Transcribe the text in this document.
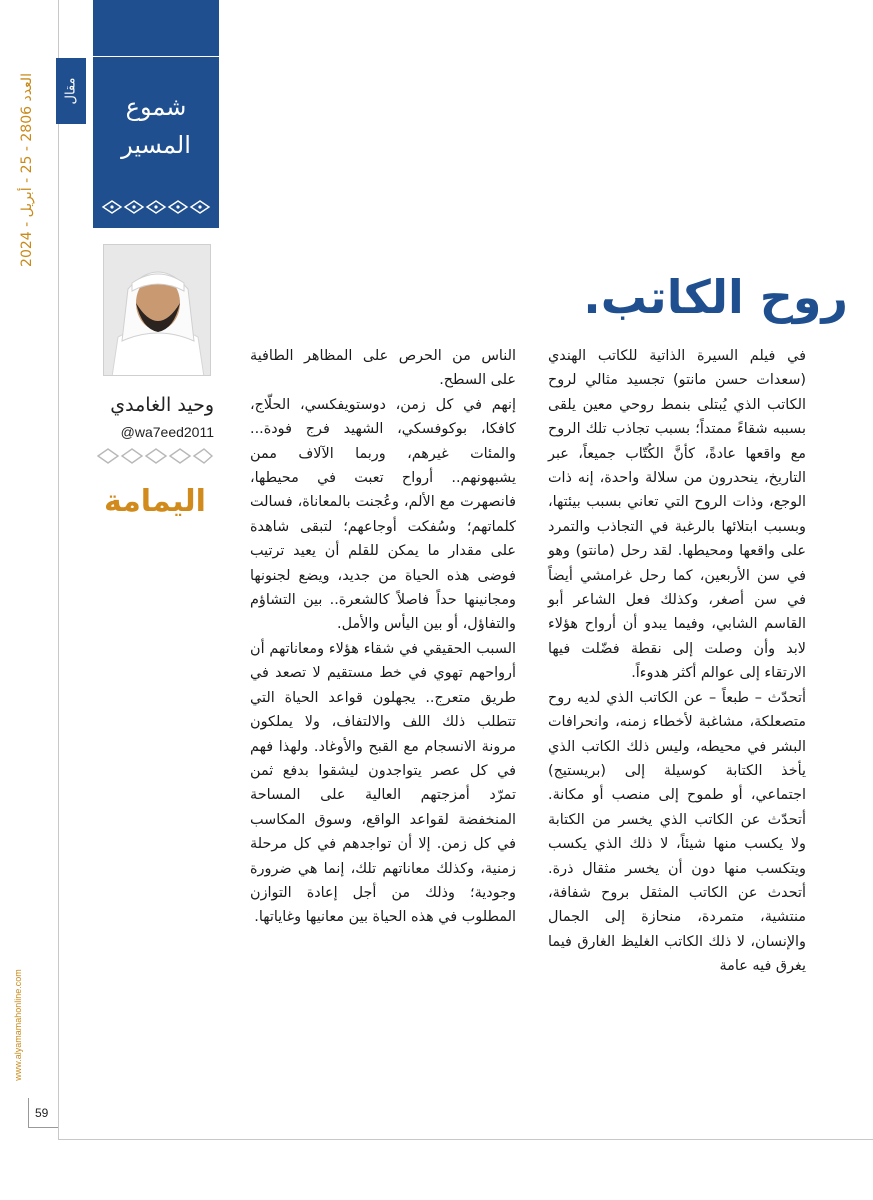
العدد 2806 - 25 - أبريل - 2024 مقال
www.alyamamahonline.com
59
شموع المسير
وحيد الغامدي
@wa7eed2011
اليمامة
روح الكاتب.

في فيلم السيرة الذاتية للكاتب الهندي (سعدات حسن مانتو) تجسيد مثالي لروح الكاتب الذي يُبتلى بنمط روحي معين يلقى بسببه شقاءً ممتداً؛ بسبب تجاذب تلك الروح مع واقعها عادةً، كأنَّ الكُتّاب جميعاً، عبر التاريخ، ينحدرون من سلالة واحدة، إنه ذات الوجع، وذات الروح التي تعاني بسبب بيئتها، وبسبب ابتلائها بالرغبة في التجاذب والتمرد على واقعها ومحيطها. لقد رحل (مانتو) وهو في سن الأربعين، كما رحل غرامشي أيضاً في سن أصغر، وكذلك فعل الشاعر أبو القاسم الشابي، وفيما يبدو أن أرواح هؤلاء لابد وأن وصلت إلى نقطة فضّلت فيها الارتقاء إلى عوالم أكثر هدوءاً.

أتحدّث – طبعاً – عن الكاتب الذي لديه روح متصعلكة، مشاغبة لأخطاء زمنه، وانحرافات البشر في محيطه، وليس ذلك الكاتب الذي يأخذ الكتابة كوسيلة إلى (بريستيج) اجتماعي، أو طموح إلى منصب أو مكانة. أتحدّث عن الكاتب الذي يخسر من الكتابة ولا يكسب منها شيئاً، لا ذلك الذي يكسب ويتكسب منها دون أن يخسر مثقال ذرة. أتحدث عن الكاتب المثقل بروح شفافة، منتشية، متمردة، منحازة إلى الجمال والإنسان، لا ذلك الكاتب الغليظ الغارق فيما يغرق فيه عامة

الناس من الحرص على المظاهر الطافية على السطح.

إنهم في كل زمن، دوستويفكسي، الحلّاج، كافكا، بوكوفسكي، الشهيد فرج فودة... والمئات غيرهم، وربما الآلاف ممن يشبهونهم.. أرواح تعبت في محيطها، فانصهرت مع الألم، وعُجنت بالمعاناة، فسالت كلماتهم؛ وسُفكت أوجاعهم؛ لتبقى شاهدة على مقدار ما يمكن للقلم أن يعيد ترتيب فوضى هذه الحياة من جديد، ويضع لجنونها ومجانينها حداً فاصلاً كالشعرة.. بين التشاؤم والتفاؤل، أو بين اليأس والأمل.

السبب الحقيقي في شقاء هؤلاء ومعاناتهم أن أرواحهم تهوي في خط مستقيم لا تصعد في طريق متعرج.. يجهلون قواعد الحياة التي تتطلب ذلك اللف والالتفاف، ولا يملكون مرونة الانسجام مع القبح والأوغاد. ولهذا فهم في كل عصر يتواجدون ليشقوا بدفع ثمن تمرّد أمزجتهم العالية على المساحة المنخفضة لقواعد الواقع، وسوق المكاسب في كل زمن. إلا أن تواجدهم في كل مرحلة زمنية، وكذلك معاناتهم تلك، إنما هي ضرورة وجودية؛ وذلك من أجل إعادة التوازن المطلوب في هذه الحياة بين معانيها وغاياتها.
